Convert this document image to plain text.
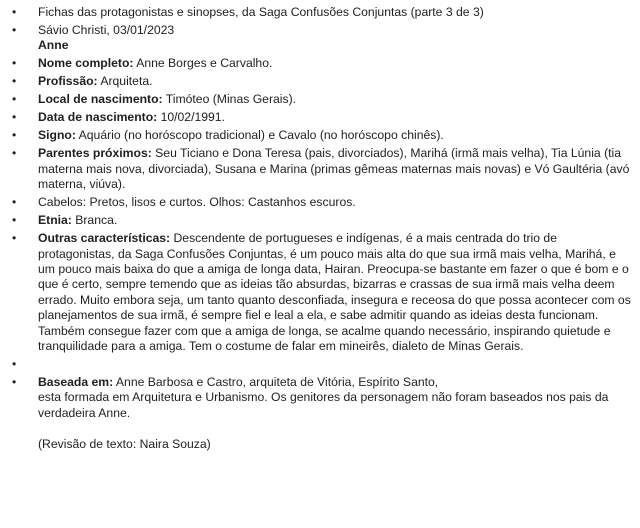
• Fichas das protagonistas e sinopses, da Saga Confusões Conjuntas (parte 3 de 3)
• Sávio Christi, 03/01/2023
Anne
• Nome completo: Anne Borges e Carvalho.
• Profissão: Arquiteta.
• Local de nascimento: Timóteo (Minas Gerais).
• Data de nascimento: 10/02/1991.
• Signo: Aquário (no horóscopo tradicional) e Cavalo (no horóscopo chinês).
• Parentes próximos: Seu Ticiano e Dona Teresa (pais, divorciados), Marihá (irmã mais velha), Tia Lúnia (tia materna mais nova, divorciada), Susana e Marina (primas gêmeas maternas mais novas) e Vó Gaultéria (avó materna, viúva).
• Cabelos: Pretos, lisos e curtos. Olhos: Castanhos escuros.
• Etnia: Branca.
• Outras características: Descendente de portugueses e indígenas, é a mais centrada do trio de protagonistas, da Saga Confusões Conjuntas, é um pouco mais alta do que sua irmã mais velha, Marihá, e um pouco mais baixa do que a amiga de longa data, Hairan. Preocupa-se bastante em fazer o que é bom e o que é certo, sempre temendo que as ideias tão absurdas, bizarras e crassas de sua irmã mais velha deem errado. Muito embora seja, um tanto quanto desconfiada, insegura e receosa do que possa acontecer com os planejamentos de sua irmã, é sempre fiel e leal a ela, e sabe admitir quando as ideias desta funcionam. Também consegue fazer com que a amiga de longa, se acalme quando necessário, inspirando quietude e tranquilidade para a amiga. Tem o costume de falar em mineirês, dialeto de Minas Gerais.
•
• Baseada em: Anne Barbosa e Castro, arquiteta de Vitória, Espírito Santo,
esta formada em Arquitetura e Urbanismo. Os genitores da personagem não foram baseados nos pais da verdadeira Anne.
(Revisão de texto: Naira Souza)
